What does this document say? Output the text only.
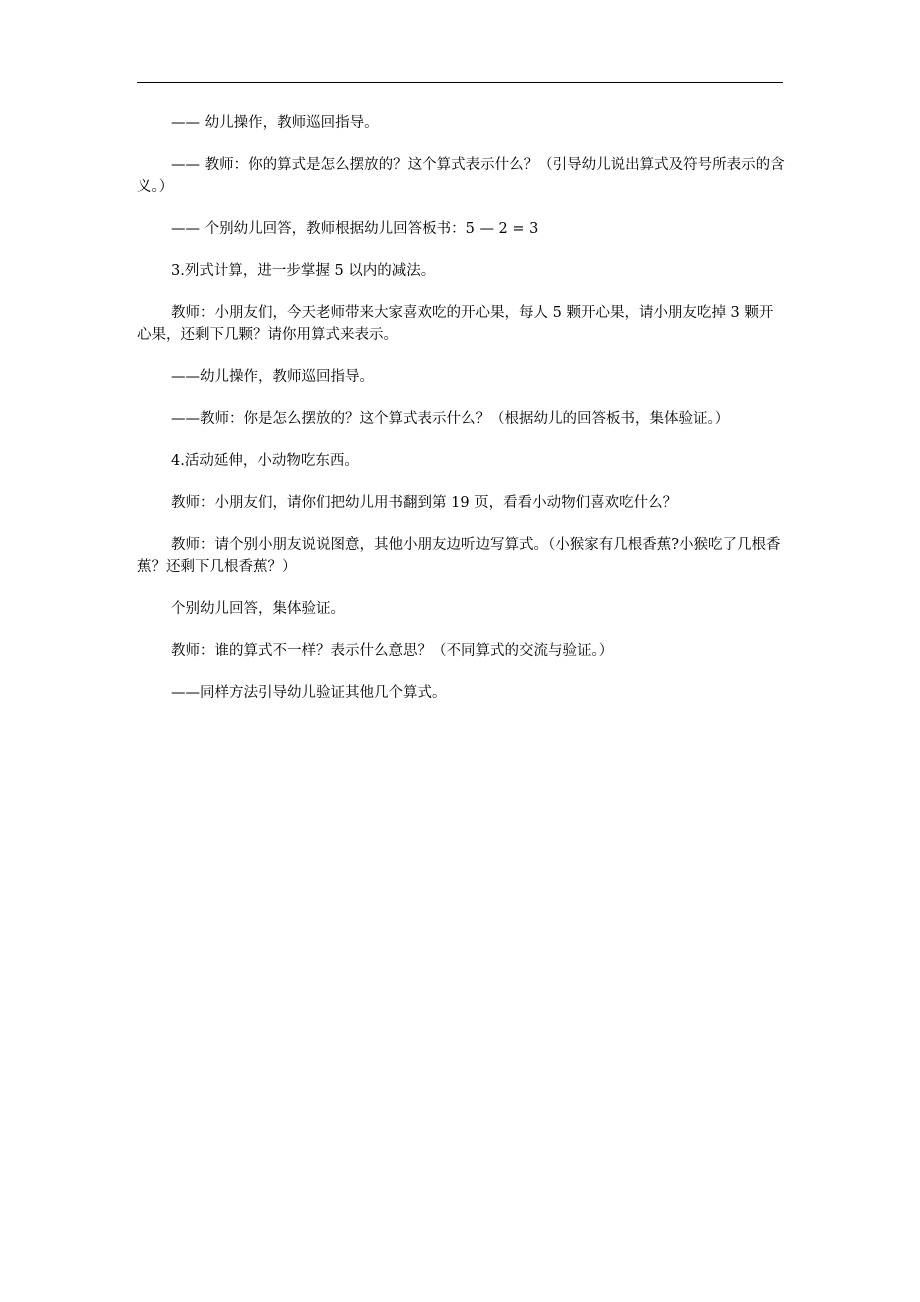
—— 幼儿操作，教师巡回指导。

—— 教师：你的算式是怎么摆放的？这个算式表示什么？（引导幼儿说出算式及符号所表示的含义。）

—— 个别幼儿回答，教师根据幼儿回答板书：5 — 2 = 3

3.列式计算，进一步掌握 5 以内的减法。

教师：小朋友们，今天老师带来大家喜欢吃的开心果，每人 5 颗开心果，请小朋友吃掉 3 颗开心果，还剩下几颗？请你用算式来表示。

——幼儿操作，教师巡回指导。

——教师：你是怎么摆放的？这个算式表示什么？（根据幼儿的回答板书，集体验证。）

4.活动延伸，小动物吃东西。

教师：小朋友们，请你们把幼儿用书翻到第 19 页，看看小动物们喜欢吃什么？

教师：请个别小朋友说说图意，其他小朋友边听边写算式。（小猴家有几根香蕉?小猴吃了几根香蕉？还剩下几根香蕉？）

个别幼儿回答，集体验证。

教师：谁的算式不一样？表示什么意思？（不同算式的交流与验证。）

——同样方法引导幼儿验证其他几个算式。
